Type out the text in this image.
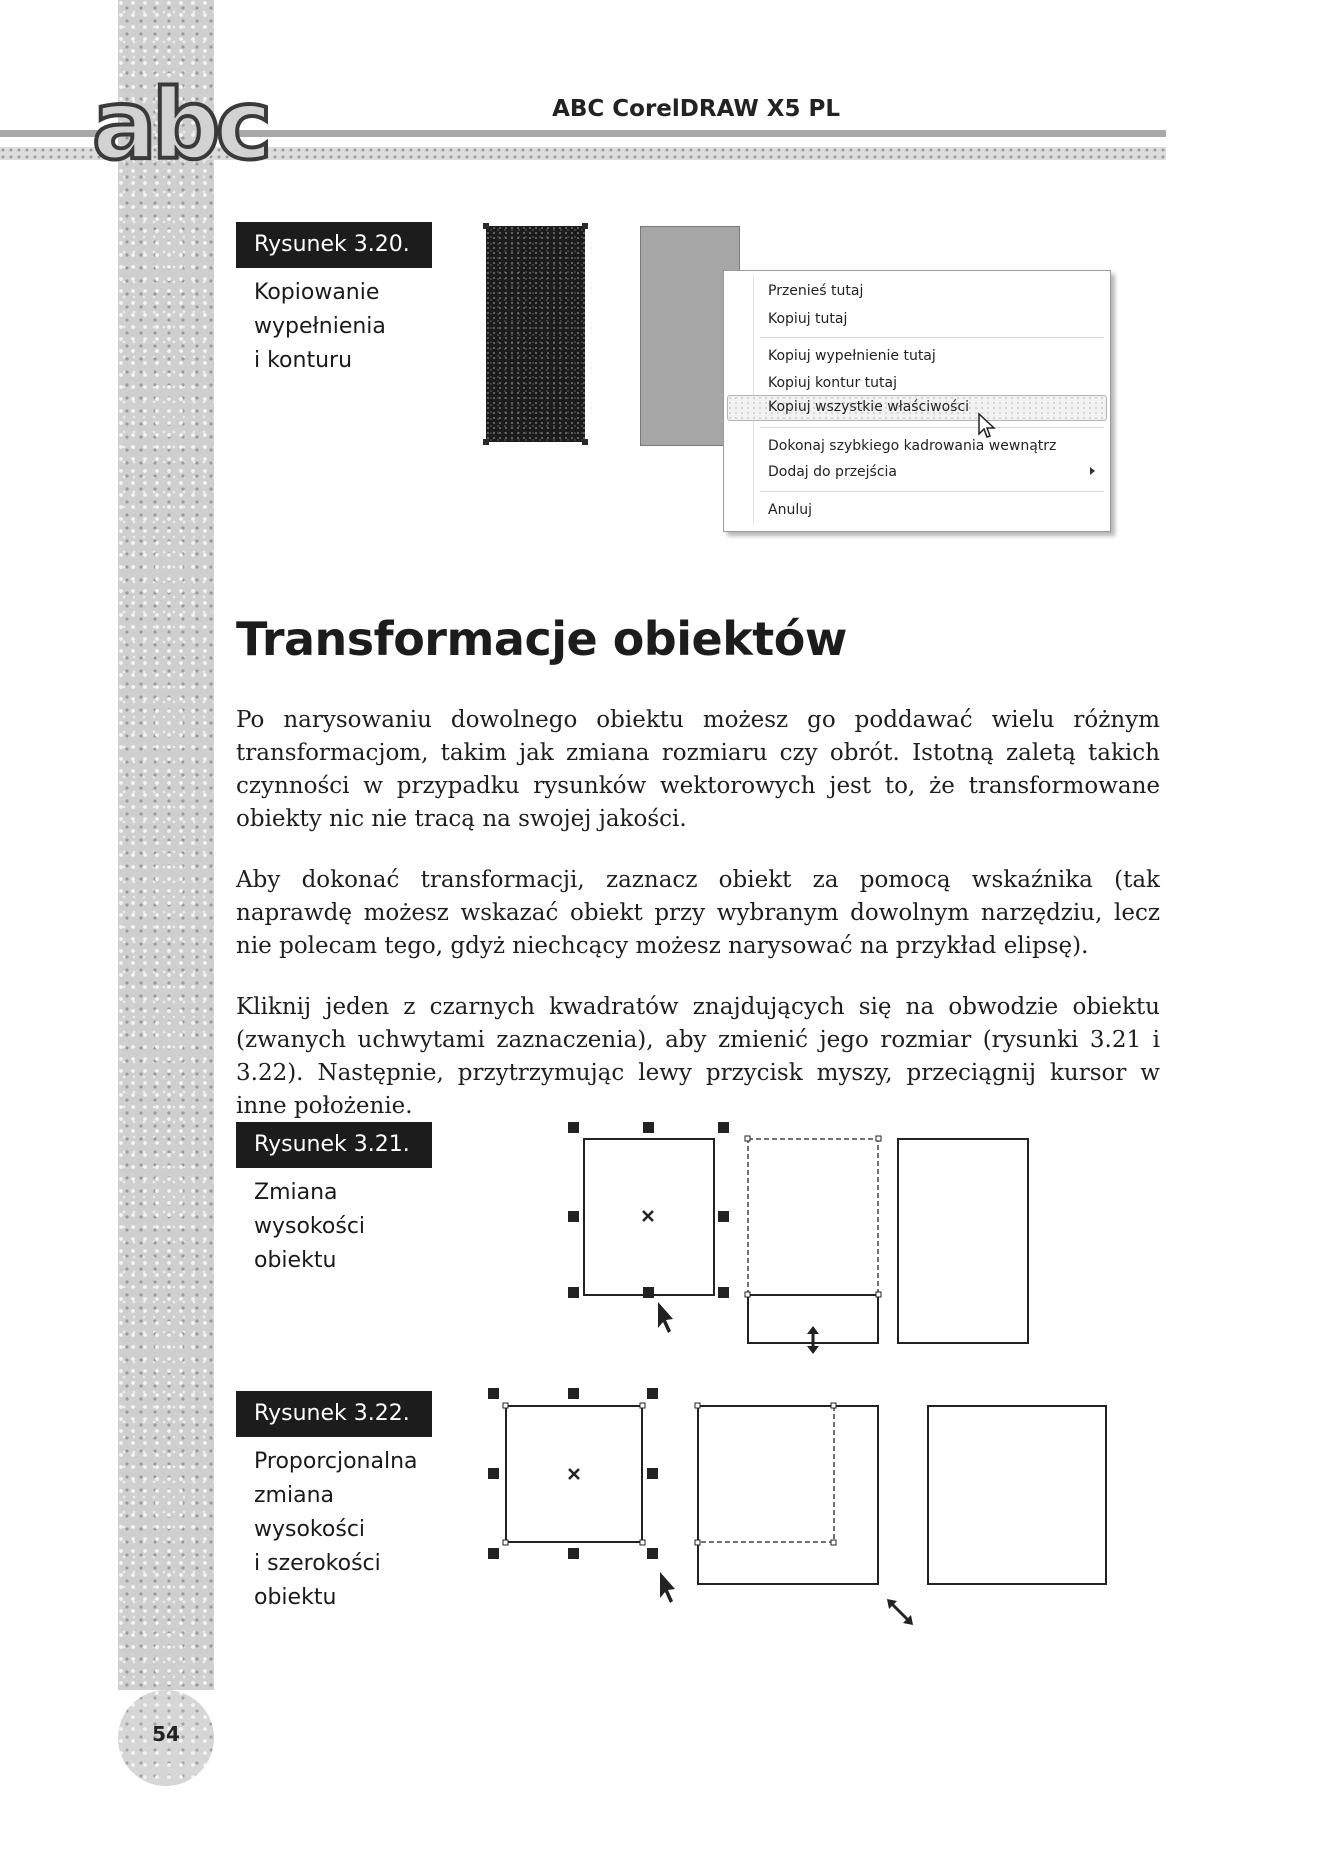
54
abc	ABC CorelDRAW X5 PL
Rysunek 3.20.
Kopiowanie
wypełnienia
i konturu
Przenieś tutaj
Kopiuj tutaj
Kopiuj wypełnienie tutaj
Kopiuj kontur tutaj
Kopiuj wszystkie właściwości
Dokonaj szybkiego kadrowania wewnątrz
Dodaj do przejścia
Anuluj
Transformacje obiektów

Po narysowaniu dowolnego obiektu możesz go poddawać wielu różnym transformacjom, takim jak zmiana rozmiaru czy obrót. Istotną zaletą takich czynności w przypadku rysunków wektorowych jest to, że transformowane obiekty nic nie tracą na swojej jakości.

Aby dokonać transformacji, zaznacz obiekt za pomocą wskaźnika (tak naprawdę możesz wskazać obiekt przy wybranym dowolnym narzędziu, lecz nie polecam tego, gdyż niechcący możesz narysować na przykład elipsę).

Kliknij jeden z czarnych kwadratów znajdujących się na obwodzie obiektu (zwanych uchwytami zaznaczenia), aby zmienić jego rozmiar (rysunki 3.21 i 3.22). Następnie, przytrzymując lewy przycisk myszy, przeciągnij kursor w inne położenie.

Rysunek 3.21.
Zmiana
wysokości
obiektu
Rysunek 3.22.
Proporcjonalna
zmiana
wysokości
i szerokości
obiektu
